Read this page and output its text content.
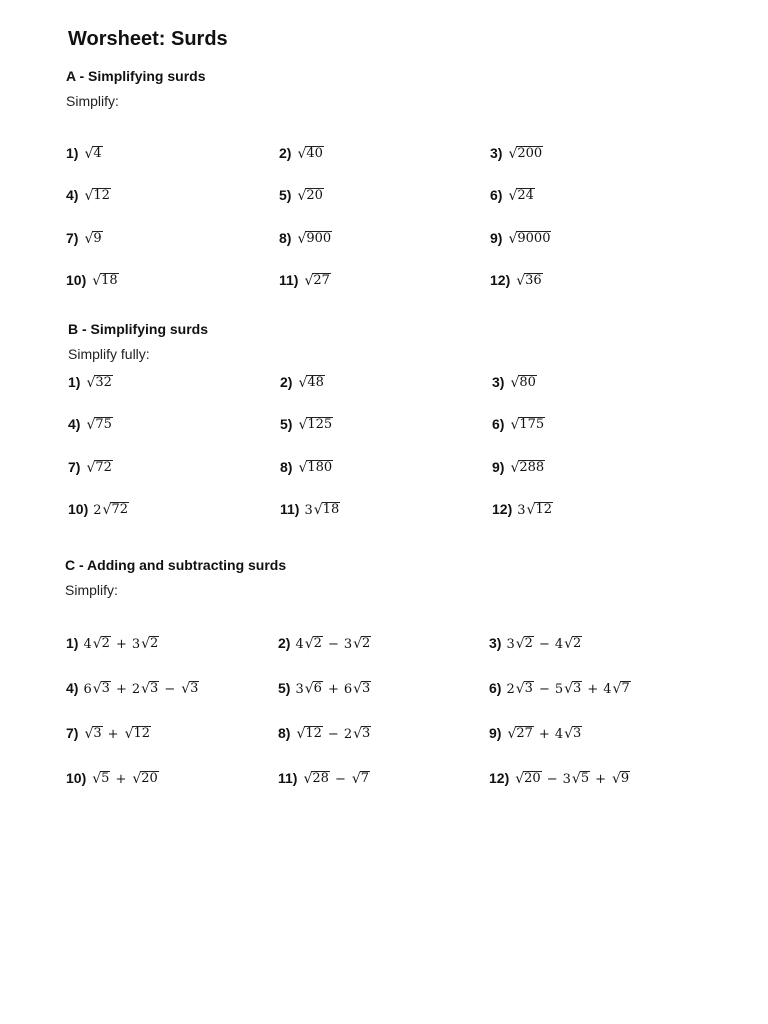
Worsheet: Surds
A - Simplifying surds
Simplify:
1) √ 4	2) √ 40	3) √ 200
4) √ 12	5) √ 20	6) √ 24
7) √ 9	8) √ 900	9) √ 9000
10) √ 18	11) √ 27	12) √ 36
B - Simplifying surds
Simplify fully:
1) √ 32	2) √ 48	3) √ 80
4) √ 75	5) √ 125	6) √ 175
7) √ 72	8) √ 180	9) √ 288
10) 2 √ 72	11) 3 √ 18	12) 3 √ 12
C - Adding and subtracting surds
Simplify:
1) 4 √ 2 + 3 √ 2	2) 4 √ 2 − 3 √ 2	3) 3 √ 2 − 4 √ 2
4) 6 √ 3 + 2 √ 3 − √ 3	5) 3 √ 6 + 6 √ 3	6) 2 √ 3 − 5 √ 3 + 4 √ 7
7) √ 3 + √ 12	8) √ 12 − 2 √ 3	9) √ 27 + 4 √ 3
10) √ 5 + √ 20	11) √ 28 − √ 7	12) √ 20 − 3 √ 5 + √ 9
